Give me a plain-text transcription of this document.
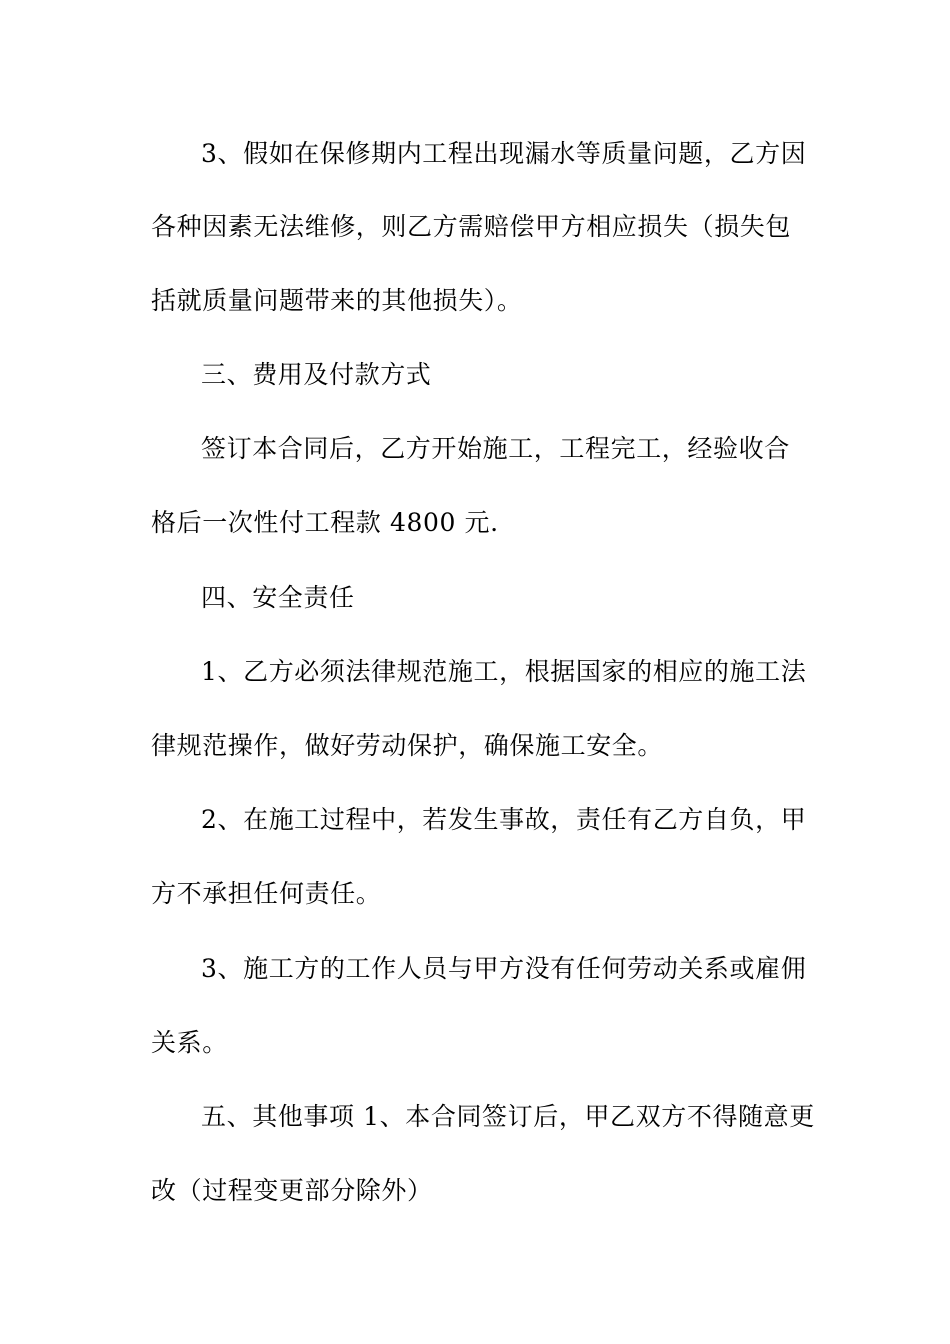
3、假如在保修期内工程出现漏水等质量问题，乙方因
各种因素无法维修，则乙方需赔偿甲方相应损失（损失包
括就质量问题带来的其他损失）。
三、费用及付款方式
签订本合同后，乙方开始施工，工程完工，经验收合
格后一次性付工程款 4800 元.
四、安全责任
1、乙方必须法律规范施工，根据国家的相应的施工法
律规范操作，做好劳动保护，确保施工安全。
2、在施工过程中，若发生事故，责任有乙方自负，甲
方不承担任何责任。
3、施工方的工作人员与甲方没有任何劳动关系或雇佣
关系。
五、其他事项 1、本合同签订后，甲乙双方不得随意更
改（过程变更部分除外）
